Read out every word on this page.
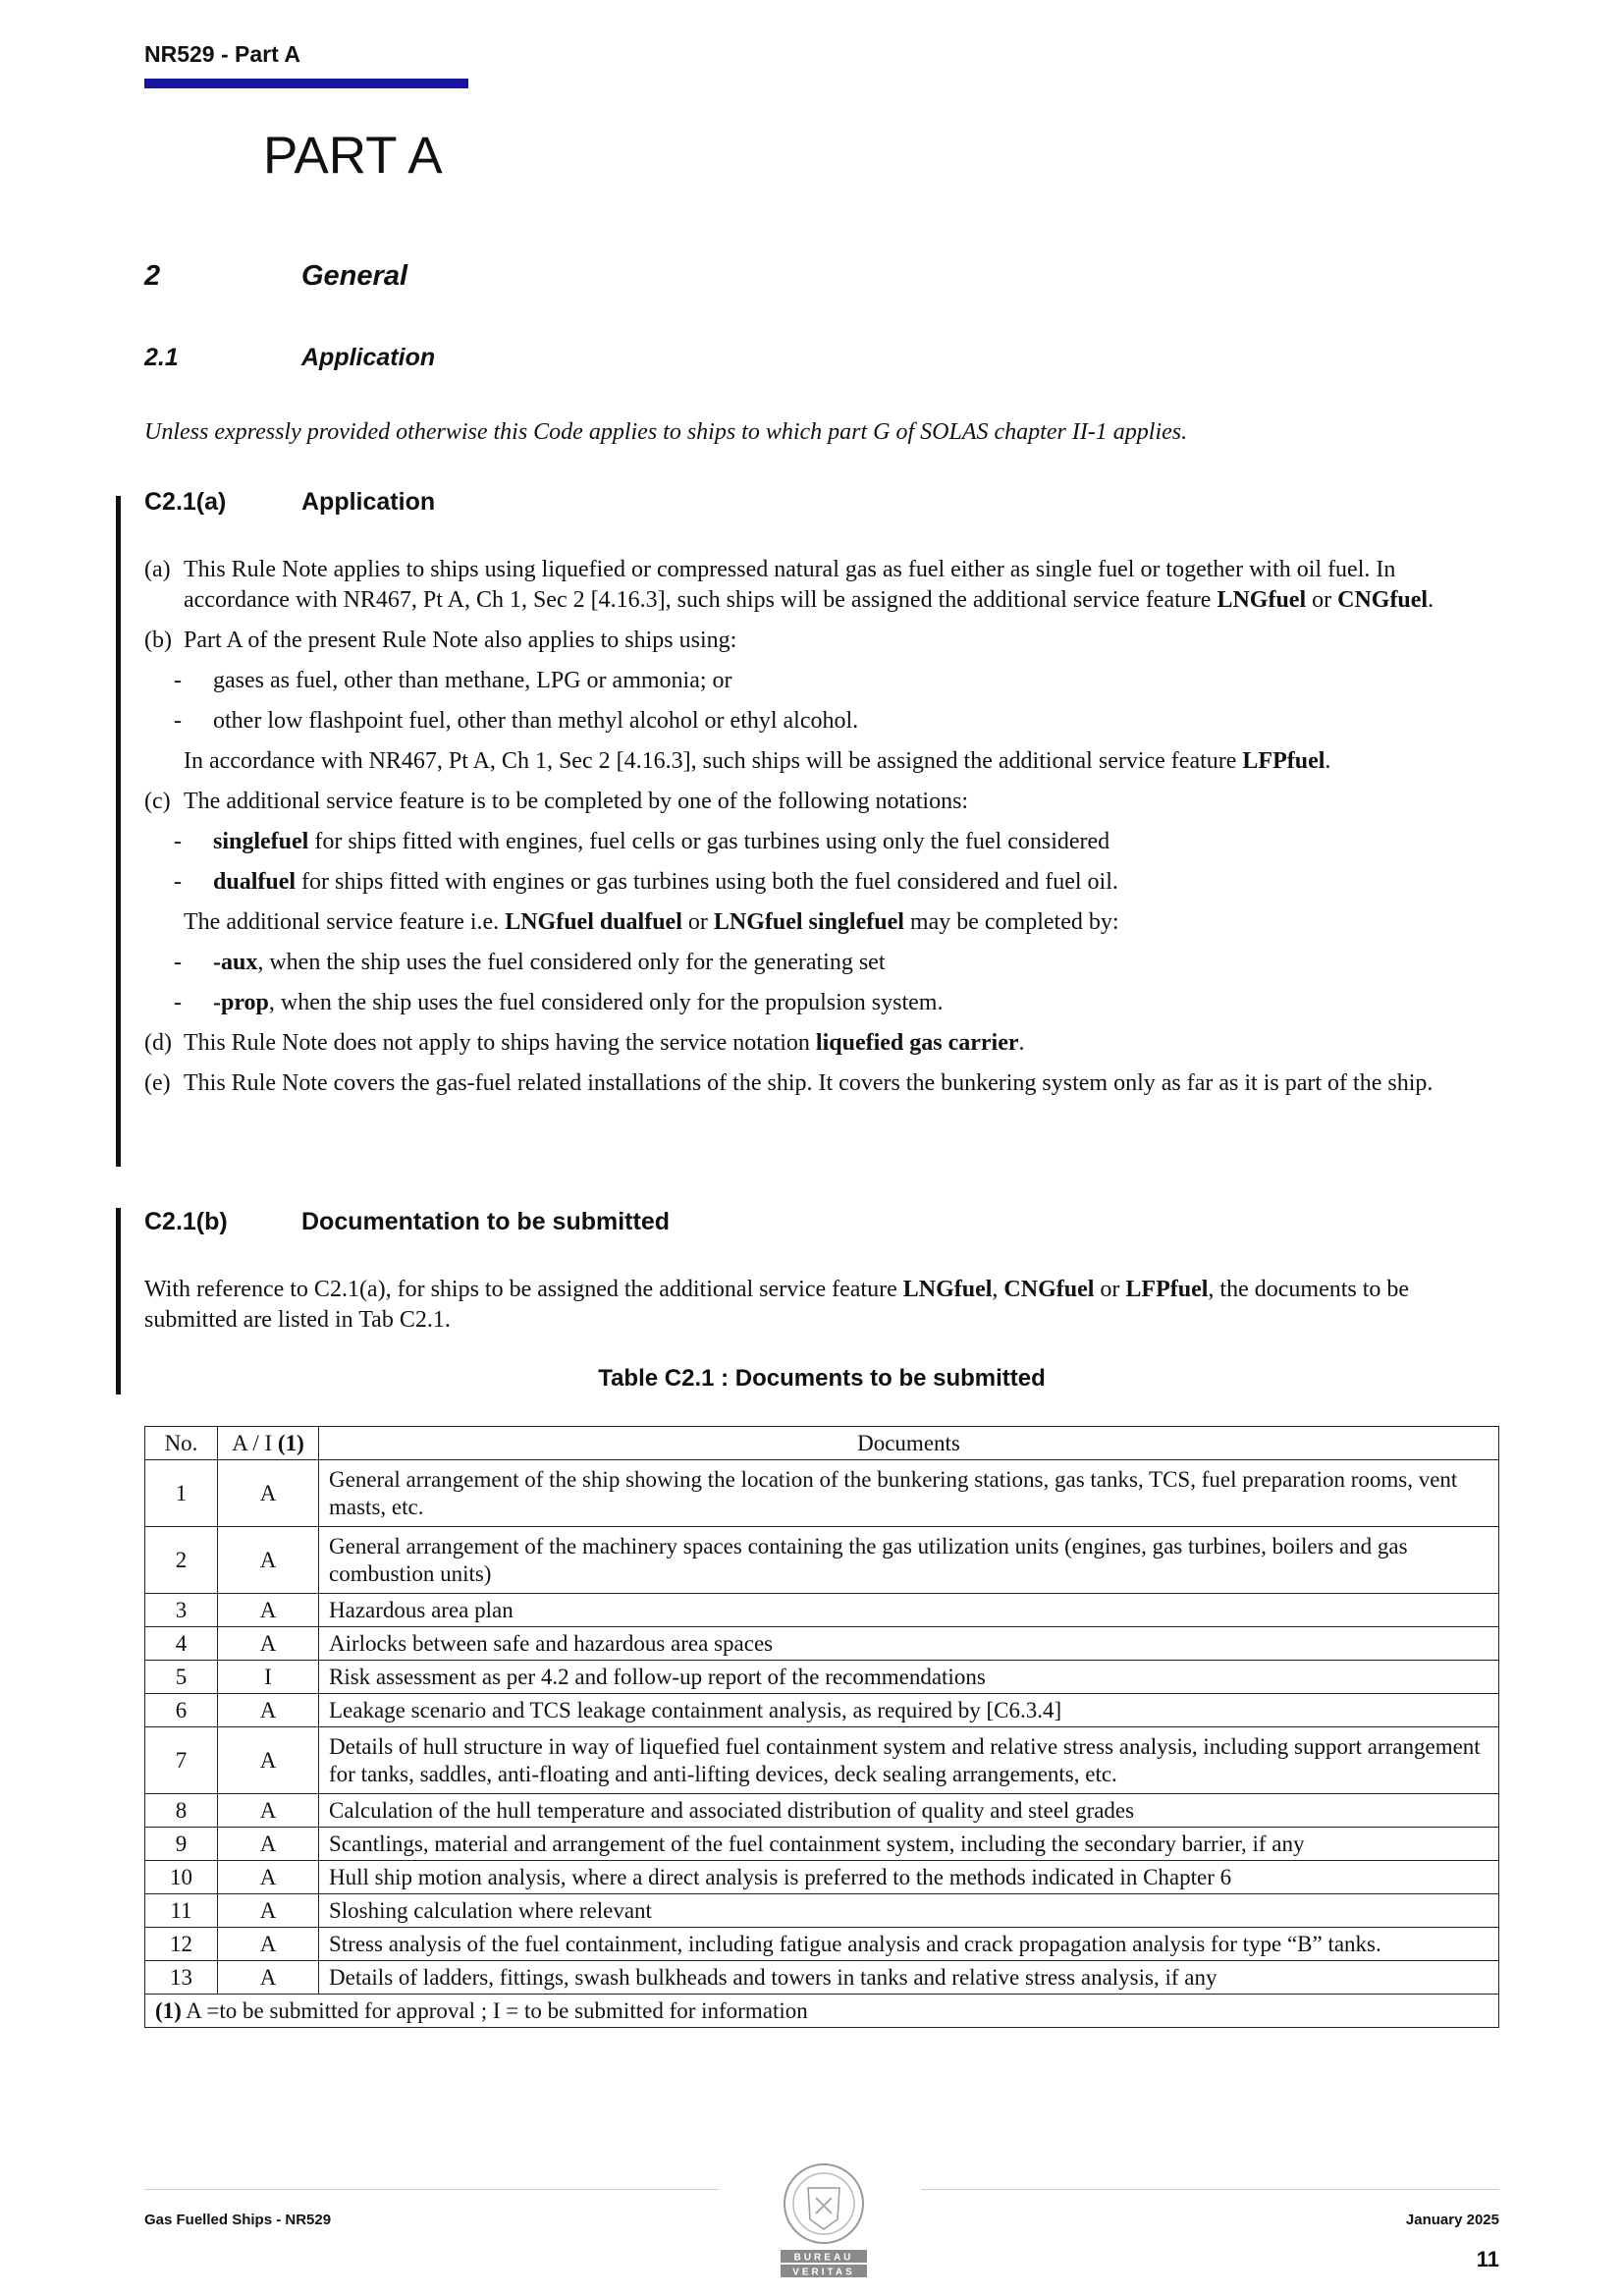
NR529 - Part A
PART A
2	General
2.1	Application
Unless expressly provided otherwise this Code applies to ships to which part G of SOLAS chapter II-1 applies.
C2.1(a)	Application
(a) This Rule Note applies to ships using liquefied or compressed natural gas as fuel either as single fuel or together with oil fuel. In accordance with NR467, Pt A, Ch 1, Sec 2 [4.16.3], such ships will be assigned the additional service feature LNGfuel or CNGfuel.
(b) Part A of the present Rule Note also applies to ships using:
-	gases as fuel, other than methane, LPG or ammonia; or
-	other low flashpoint fuel, other than methyl alcohol or ethyl alcohol.
In accordance with NR467, Pt A, Ch 1, Sec 2 [4.16.3], such ships will be assigned the additional service feature LFPfuel.
(c) The additional service feature is to be completed by one of the following notations:
-	singlefuel for ships fitted with engines, fuel cells or gas turbines using only the fuel considered
-	dualfuel for ships fitted with engines or gas turbines using both the fuel considered and fuel oil.
The additional service feature i.e. LNGfuel dualfuel or LNGfuel singlefuel may be completed by:
-	-aux, when the ship uses the fuel considered only for the generating set
-	-prop, when the ship uses the fuel considered only for the propulsion system.
(d) This Rule Note does not apply to ships having the service notation liquefied gas carrier.
(e) This Rule Note covers the gas-fuel related installations of the ship. It covers the bunkering system only as far as it is part of the ship.
C2.1(b)	Documentation to be submitted
With reference to C2.1(a), for ships to be assigned the additional service feature LNGfuel, CNGfuel or LFPfuel, the documents to be submitted are listed in Tab C2.1.
Table C2.1 : Documents to be submitted
No.	A / I (1)	Documents
1	A	General arrangement of the ship showing the location of the bunkering stations, gas tanks, TCS, fuel preparation rooms, vent masts, etc.
2	A	General arrangement of the machinery spaces containing the gas utilization units (engines, gas turbines, boilers and gas combustion units)
3	A	Hazardous area plan
4	A	Airlocks between safe and hazardous area spaces
5	I	Risk assessment as per 4.2 and follow-up report of the recommendations
6	A	Leakage scenario and TCS leakage containment analysis, as required by [C6.3.4]
7	A	Details of hull structure in way of liquefied fuel containment system and relative stress analysis, including support arrangement for tanks, saddles, anti-floating and anti-lifting devices, deck sealing arrangements, etc.
8	A	Calculation of the hull temperature and associated distribution of quality and steel grades
9	A	Scantlings, material and arrangement of the fuel containment system, including the secondary barrier, if any
10	A	Hull ship motion analysis, where a direct analysis is preferred to the methods indicated in Chapter 6
11	A	Sloshing calculation where relevant
12	A	Stress analysis of the fuel containment, including fatigue analysis and crack propagation analysis for type “B” tanks.
13	A	Details of ladders, fittings, swash bulkheads and towers in tanks and relative stress analysis, if any
(1) A =to be submitted for approval ; I = to be submitted for information		
BUREAU
VERITAS
Gas Fuelled Ships - NR529	January 2025
11
